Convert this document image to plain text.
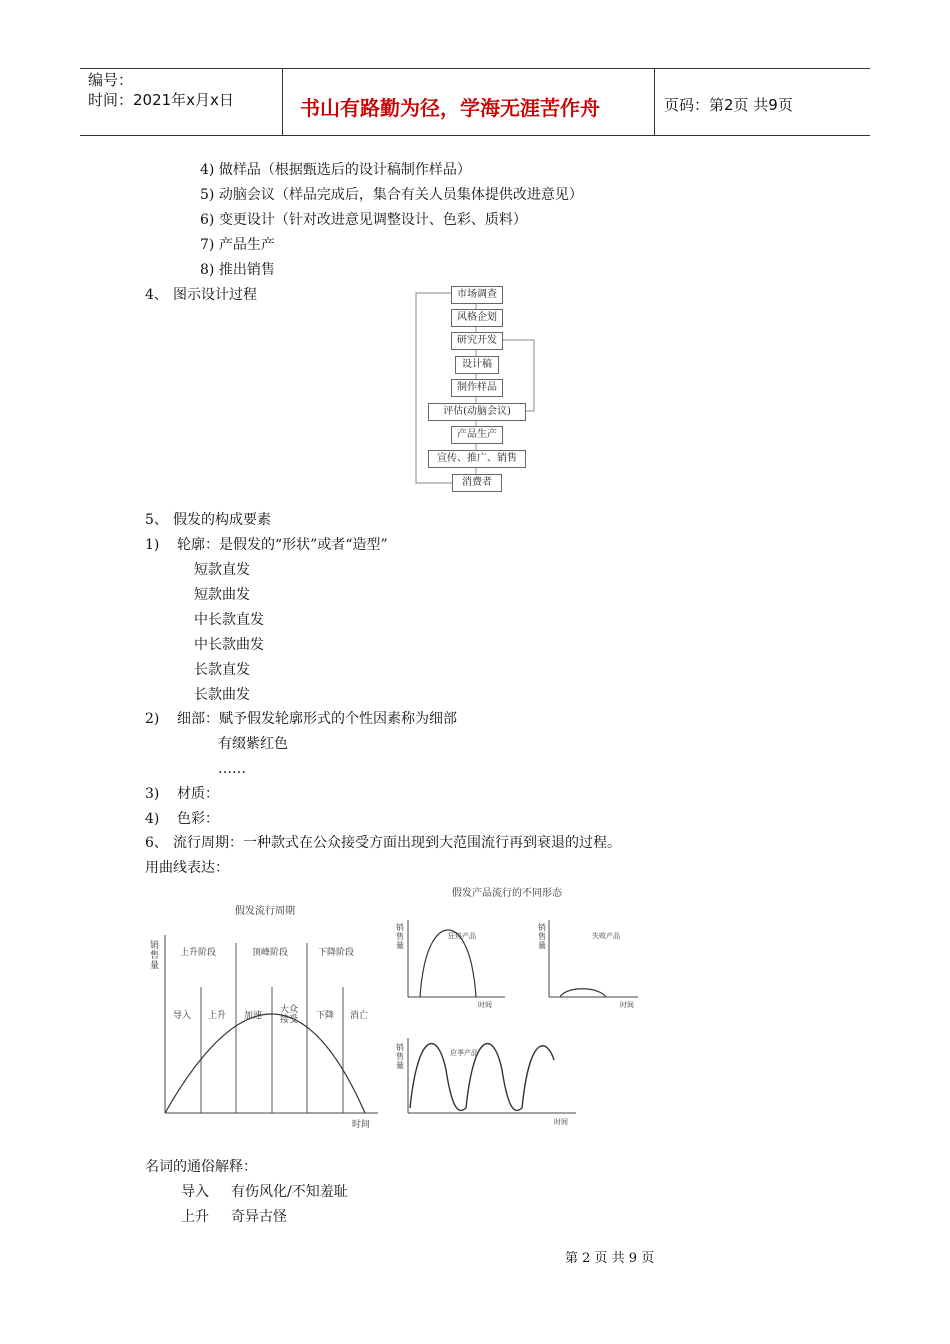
编号：
时间：2021年x月x日	书山有路勤为径，学海无涯苦作舟	页码：第2页 共9页
4) 做样品（根据甄选后的设计稿制作样品）
5) 动脑会议（样品完成后，集合有关人员集体提供改进意见）
6) 变更设计（针对改进意见调整设计、色彩、质料）
7) 产品生产
8) 推出销售
4、 图示设计过程	市场调查
风格企划
研究开发
设计稿
制作样品
评估(动脑会议)
产品生产
宣传、推广、销售
消费者
5、 假发的构成要素
1) 轮廓：是假发的“形状”或者“造型”
短款直发
短款曲发
中长款直发
中长款曲发
长款直发
长款曲发
2) 细部：赋予假发轮廓形式的个性因素称为细部
有缀紫红色
……
3) 材质：
4) 色彩：
6、 流行周期：一种款式在公众接受方面出现到大范围流行再到衰退的过程。
用曲线表达：
假发流行周期
销
售
量
上升阶段	顶峰阶段	下降阶段
导入 上升 加速
大众
接受 下降 消亡
时间
假发产品流行的不同形态
销
售
量
狂热产品
时间
销
售
量
失败产品
时间
销
售
量
应季产品
时间
名词的通俗解释：
导入 有伤风化/不知羞耻
上升 奇异古怪
第 2 页 共 9 页
